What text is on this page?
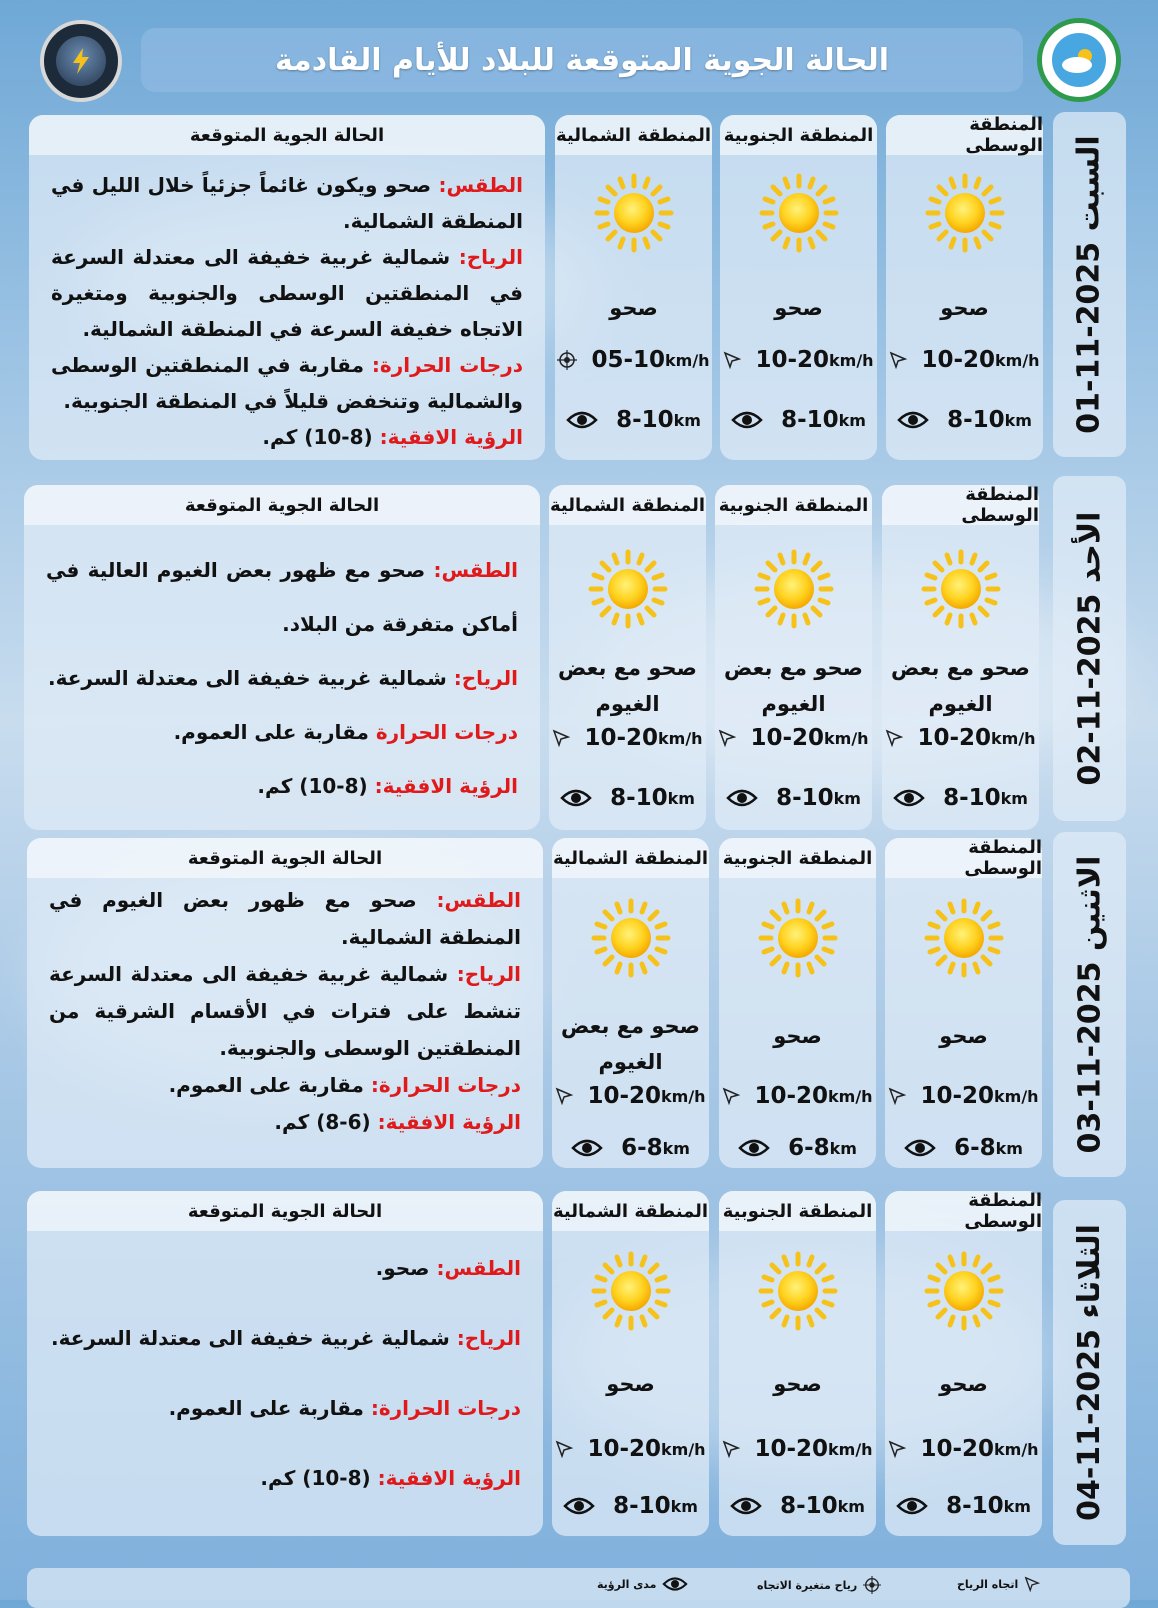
الحالة الجوية المتوقعة للبلاد للأيام القادمة
الحالة الجوية المتوقعة

الطقس: صحو ويكون غائماً جزئياً خلال الليل في المنطقة الشمالية.

الرياح: شمالية غربية خفيفة الى معتدلة السرعة في المنطقتين الوسطى والجنوبية ومتغيرة الاتجاه خفيفة السرعة في المنطقة الشمالية.

درجات الحرارة: مقاربة في المنطقتين الوسطى والشمالية وتنخفض قليلاً في المنطقة الجنوبية.

الرؤية الافقية: (8-10) كم.

المنطقة الشمالية
صحو
05-10 km/h
8-10 km
المنطقة الجنوبية
صحو
10-20 km/h
8-10 km
المنطقة الوسطى
صحو
10-20 km/h
8-10 km السبت 2025-11-01
الحالة الجوية المتوقعة

الطقس: صحو مع ظهور بعض الغيوم العالية في أماكن متفرقة من البلاد.

الرياح: شمالية غربية خفيفة الى معتدلة السرعة.

درجات الحرارة مقاربة على العموم.

الرؤية الافقية: (8-10) كم.

المنطقة الشمالية
صحو مع بعض الغيوم
10-20 km/h
8-10 km
المنطقة الجنوبية
صحو مع بعض الغيوم
10-20 km/h
8-10 km
المنطقة الوسطى
صحو مع بعض الغيوم
10-20 km/h
8-10 km
الأحد 2025-11-02
الحالة الجوية المتوقعة

الطقس: صحو مع ظهور بعض الغيوم في المنطقة الشمالية.

الرياح: شمالية غربية خفيفة الى معتدلة السرعة تنشط على فترات في الأقسام الشرقية من المنطقتين الوسطى والجنوبية.

درجات الحرارة: مقاربة على العموم.

الرؤية الافقية: (6-8) كم.

المنطقة الشمالية
صحو مع بعض الغيوم
10-20 km/h
6-8 km
المنطقة الجنوبية
صحو
10-20 km/h
6-8 km
المنطقة الوسطى
صحو
10-20 km/h
6-8 km الاثنين 2025-11-03
الحالة الجوية المتوقعة

الطقس: صحو.

الرياح: شمالية غربية خفيفة الى معتدلة السرعة.

درجات الحرارة: مقاربة على العموم.

الرؤية الافقية: (8-10) كم.

المنطقة الشمالية
صحو
10-20 km/h
8-10 km
المنطقة الجنوبية
صحو
10-20 km/h
8-10 km
المنطقة الوسطى
صحو
10-20 km/h
8-10 km الثلاثاء 2025-11-04
اتجاه الرياح
رياح متغيرة الاتجاه
مدى الرؤية
